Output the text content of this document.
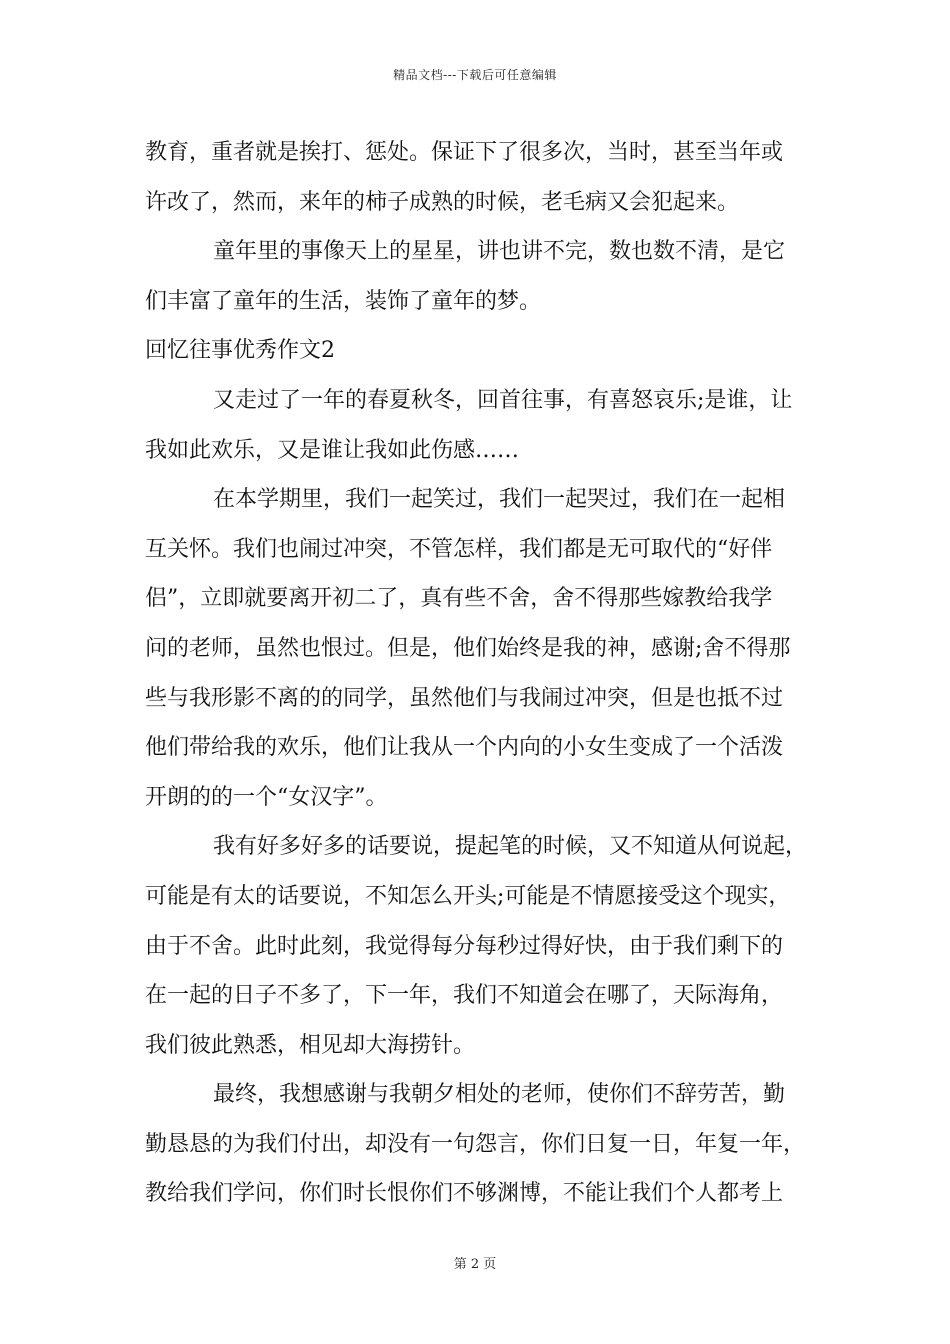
精品文档---下载后可任意编辑
教育，重者就是挨打、惩处。保证下了很多次，当时，甚至当年或
许改了，然而，来年的柿子成熟的时候，老毛病又会犯起来。
童年里的事像天上的星星，讲也讲不完，数也数不清，是它
们丰富了童年的生活，装饰了童年的梦。
回忆往事优秀作文2
又走过了一年的春夏秋冬，回首往事，有喜怒哀乐;是谁，让
我如此欢乐，又是谁让我如此伤感……
在本学期里，我们一起笑过，我们一起哭过，我们在一起相
互关怀。我们也闹过冲突，不管怎样，我们都是无可取代的“好伴
侣”，立即就要离开初二了，真有些不舍，舍不得那些嫁教给我学
问的老师，虽然也恨过。但是，他们始终是我的神，感谢;舍不得那
些与我形影不离的的同学，虽然他们与我闹过冲突，但是也抵不过
他们带给我的欢乐，他们让我从一个内向的小女生变成了一个活泼
开朗的的一个“女汉字”。
我有好多好多的话要说，提起笔的时候，又不知道从何说起，
可能是有太的话要说，不知怎么开头;可能是不情愿接受这个现实，
由于不舍。此时此刻，我觉得每分每秒过得好快，由于我们剩下的
在一起的日子不多了，下一年，我们不知道会在哪了，天际海角，
我们彼此熟悉，相见却大海捞针。
最终，我想感谢与我朝夕相处的老师，使你们不辞劳苦，勤
勤恳恳的为我们付出，却没有一句怨言，你们日复一日，年复一年，
教给我们学问，你们时长恨你们不够渊博，不能让我们个人都考上
第 2 页
